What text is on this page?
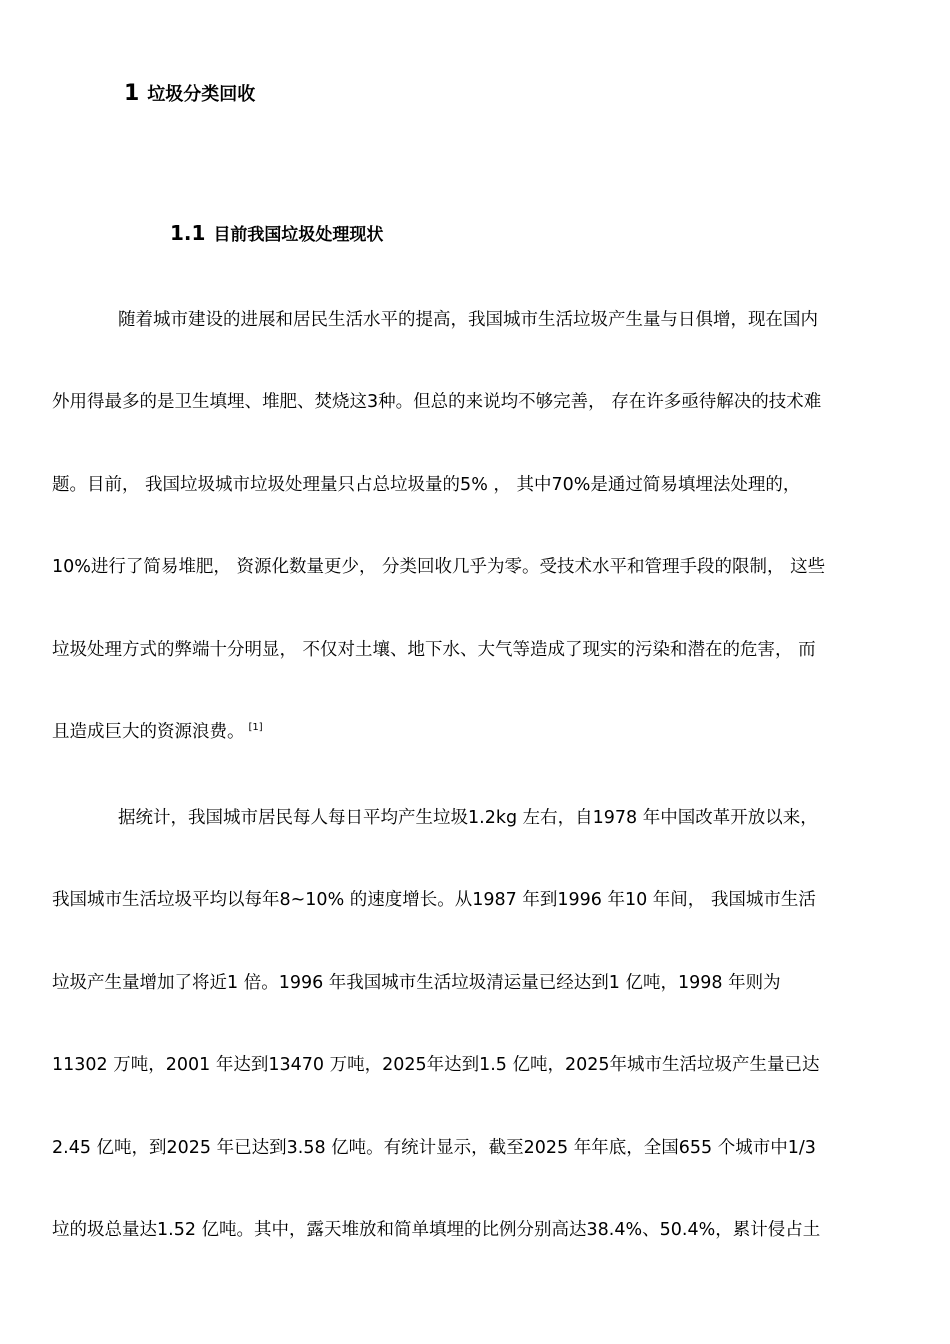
1 垃圾分类回收
1.1 目前我国垃圾处理现状
随着城市建设的进展和居民生活水平的提高，我国城市生活垃圾产生量与日俱增，现在国内
外用得最多的是卫生填埋、堆肥、焚烧这3种。但总的来说均不够完善， 存在许多亟待解决的技术难
题。目前， 我国垃圾城市垃圾处理量只占总垃圾量的5% ， 其中70%是通过简易填埋法处理的，
10%进行了简易堆肥， 资源化数量更少， 分类回收几乎为零。受技术水平和管理手段的限制， 这些
垃圾处理方式的弊端十分明显， 不仅对土壤、地下水、大气等造成了现实的污染和潜在的危害， 而
且造成巨大的资源浪费。 [1]
据统计，我国城市居民每人每日平均产生垃圾1.2kg 左右，自1978 年中国改革开放以来，
我国城市生活垃圾平均以每年8~10% 的速度增长。从1987 年到1996 年10 年间， 我国城市生活
垃圾产生量增加了将近1 倍。1996 年我国城市生活垃圾清运量已经达到1 亿吨，1998 年则为
11302 万吨，2001 年达到13470 万吨，2025年达到1.5 亿吨，2025年城市生活垃圾产生量已达
2.45 亿吨，到2025 年已达到3.58 亿吨。有统计显示，截至2025 年年底，全国655 个城市中1/3
垃的圾总量达1.52 亿吨。其中，露天堆放和简单填埋的比例分别高达38.4%、50.4%，累计侵占土
